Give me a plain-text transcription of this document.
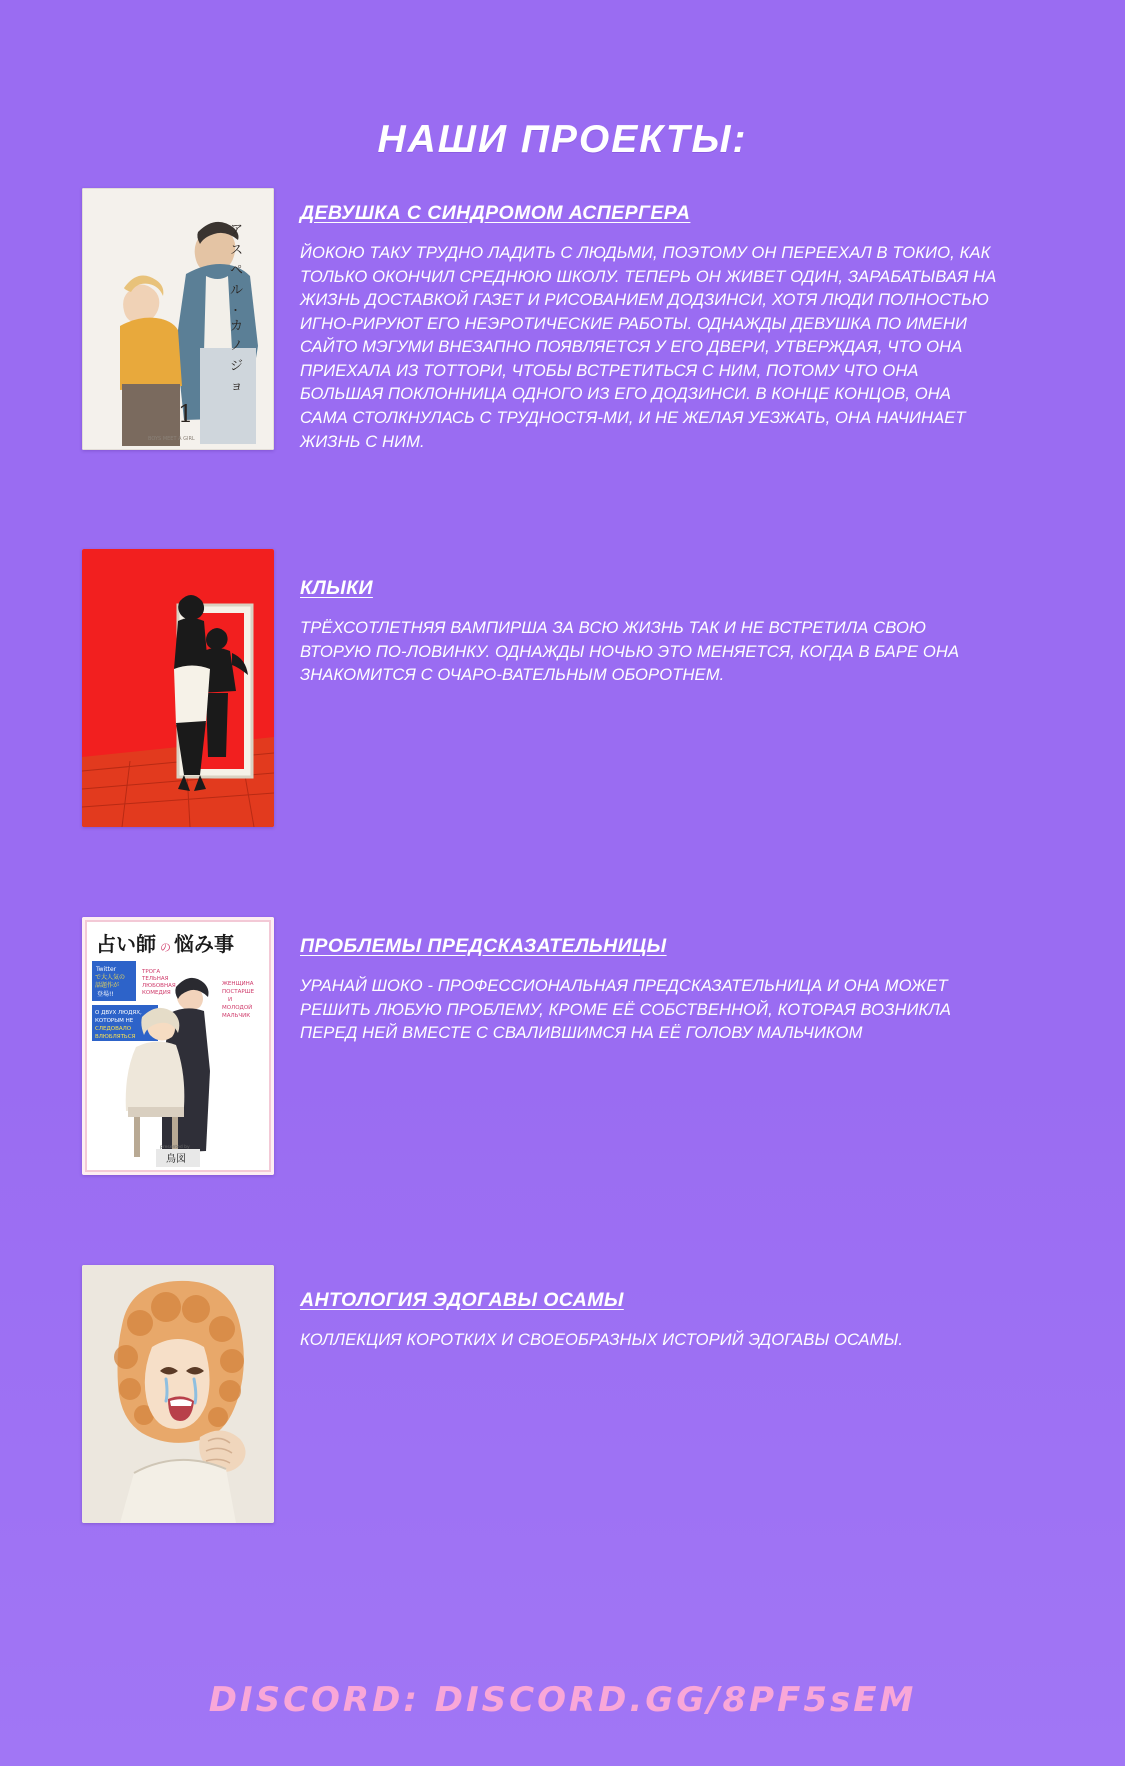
НАШИ ПРОЕКТЫ:
ア
ス
ペ
ル
・
カ
ノ
ジ
ョ
1
BOYS MEET A GIRL
ДЕВУШКА С СИНДРОМОМ АСПЕРГЕРА

ЙОКОЮ ТАКУ ТРУДНО ЛАДИТЬ С ЛЮДЬМИ, ПОЭТОМУ ОН ПЕРЕЕХАЛ В ТОКИО, КАК ТОЛЬКО ОКОНЧИЛ СРЕДНЮЮ ШКОЛУ. ТЕПЕРЬ ОН ЖИВЕТ ОДИН, ЗАРАБАТЫВАЯ НА ЖИЗНЬ ДОСТАВКОЙ ГАЗЕТ И РИСОВАНИЕМ ДОДЗИНСИ, ХОТЯ ЛЮДИ ПОЛНОСТЬЮ ИГНО-РИРУЮТ ЕГО НЕЭРОТИЧЕСКИЕ РАБОТЫ. ОДНАЖДЫ ДЕВУШКА ПО ИМЕНИ САЙТО МЭГУМИ ВНЕЗАПНО ПОЯВЛЯЕТСЯ У ЕГО ДВЕРИ, УТВЕРЖДАЯ, ЧТО ОНА ПРИЕХАЛА ИЗ ТОТТОРИ, ЧТОБЫ ВСТРЕТИТЬСЯ С НИМ, ПОТОМУ ЧТО ОНА БОЛЬШАЯ ПОКЛОННИЦА ОДНОГО ИЗ ЕГО ДОДЗИНСИ. В КОНЦЕ КОНЦОВ, ОНА САМА СТОЛКНУЛАСЬ С ТРУДНОСТЯ-МИ, И НЕ ЖЕЛАЯ УЕЗЖАТЬ, ОНА НАЧИНАЕТ ЖИЗНЬ С НИМ.

КЛЫКИ

ТРЁХСОТЛЕТНЯЯ ВАМПИРША ЗА ВСЮ ЖИЗНЬ ТАК И НЕ ВСТРЕТИЛА СВОЮ ВТОРУЮ ПО-ЛОВИНКУ. ОДНАЖДЫ НОЧЬЮ ЭТО МЕНЯЕТСЯ, КОГДА В БАРЕ ОНА ЗНАКОМИТСЯ С ОЧАРО-ВАТЕЛЬНЫМ ОБОРОТНЕМ.

占い師 の 悩み事
Twitter
で大人気の
話題作が
登場!!
ТРОГА
ТЕЛЬНАЯ
ЛЮБОВНАЯ
КОМЕДИЯ
О ДВУХ ЛЮДЯХ,
КОТОРЫМ НЕ
СЛЕДОВАЛО
ВЛЮБЛЯТЬСЯ
ДРУГ В ДРУГА!
ЖЕНЩИНА
ПОСТАРШЕ
И
МОЛОДОЙ
МАЛЬЧИК
presented by
鳥図
ПРОБЛЕМЫ ПРЕДСКАЗАТЕЛЬНИЦЫ

УРАНАЙ ШОКО - ПРОФЕССИОНАЛЬНАЯ ПРЕДСКАЗАТЕЛЬНИЦА И ОНА МОЖЕТ РЕШИТЬ ЛЮБУЮ ПРОБЛЕМУ, КРОМЕ ЕЁ СОБСТВЕННОЙ, КОТОРАЯ ВОЗНИКЛА ПЕРЕД НЕЙ ВМЕСТЕ С СВАЛИВШИМСЯ НА ЕЁ ГОЛОВУ МАЛЬЧИКОМ

АНТОЛОГИЯ ЭДОГАВЫ ОСАМЫ

КОЛЛЕКЦИЯ КОРОТКИХ И СВОЕОБРАЗНЫХ ИСТОРИЙ ЭДОГАВЫ ОСАМЫ.

DISCORD: DISCORD.GG/8PF5sEM
